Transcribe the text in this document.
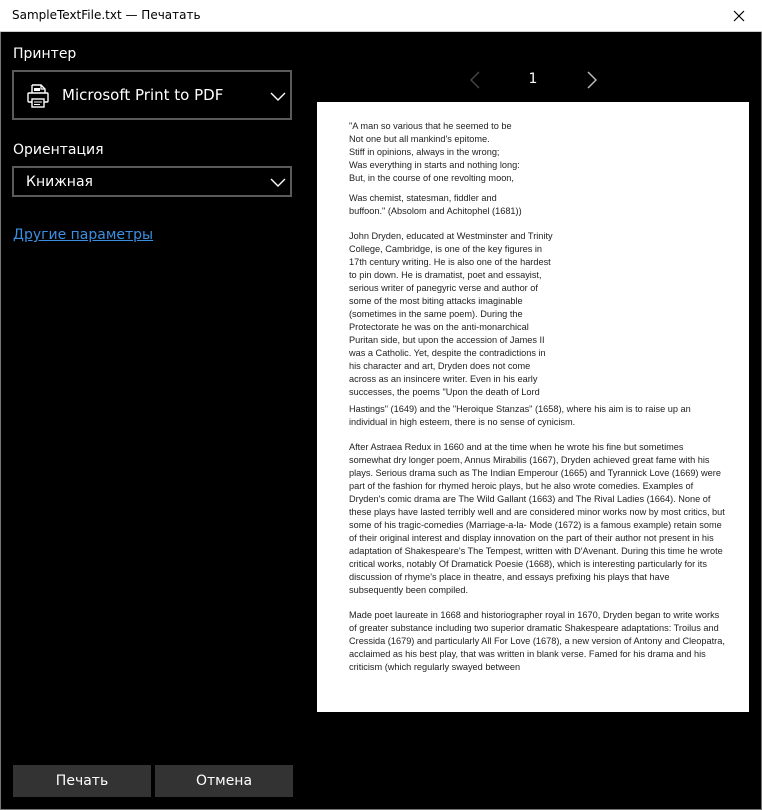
SampleTextFile.txt — Печатать
Принтер
Microsoft Print to PDF
Ориентация
Книжная
Другие параметры
Печать	Отмена
1

"A man so various that he seemed to be
Not one but all mankind's epitome.
Stiff in opinions, always in the wrong;
Was everything in starts and nothing long:
But, in the course of one revolting moon,

Was chemist, statesman, fiddler and
buffoon." (Absolom and Achitophel (1681))

John Dryden, educated at Westminster and Trinity
College, Cambridge, is one of the key figures in
17th century writing. He is also one of the hardest
to pin down. He is dramatist, poet and essayist,
serious writer of panegyric verse and author of
some of the most biting attacks imaginable
(sometimes in the same poem). During the
Protectorate he was on the anti-monarchical
Puritan side, but upon the accession of James II
was a Catholic. Yet, despite the contradictions in
his character and art, Dryden does not come
across as an insincere writer. Even in his early
successes, the poems "Upon the death of Lord

Hastings" (1649) and the "Heroique Stanzas" (1658), where his aim is to raise up an individual in high esteem, there is no sense of cynicism.

After Astraea Redux in 1660 and at the time when he wrote his fine but sometimes somewhat dry longer poem, Annus Mirabilis (1667), Dryden achieved great fame with his plays. Serious drama such as The Indian Emperour (1665) and Tyrannick Love (1669) were part of the fashion for rhymed heroic plays, but he also wrote comedies. Examples of Dryden's comic drama are The Wild Gallant (1663) and The Rival Ladies (1664). None of these plays have lasted terribly well and are considered minor works now by most critics, but some of his tragic-comedies (Marriage-a-la- Mode (1672) is a famous example) retain some of their original interest and display innovation on the part of their author not present in his adaptation of Shakespeare's The Tempest, written with D'Avenant. During this time he wrote critical works, notably Of Dramatick Poesie (1668), which is interesting particularly for its discussion of rhyme's place in theatre, and essays prefixing his plays that have subsequently been compiled.

Made poet laureate in 1668 and historiographer royal in 1670, Dryden began to write works of greater substance including two superior dramatic Shakespeare adaptations: Troilus and Cressida (1679) and particularly All For Love (1678), a new version of Antony and Cleopatra, acclaimed as his best play, that was written in blank verse. Famed for his drama and his criticism (which regularly swayed between
